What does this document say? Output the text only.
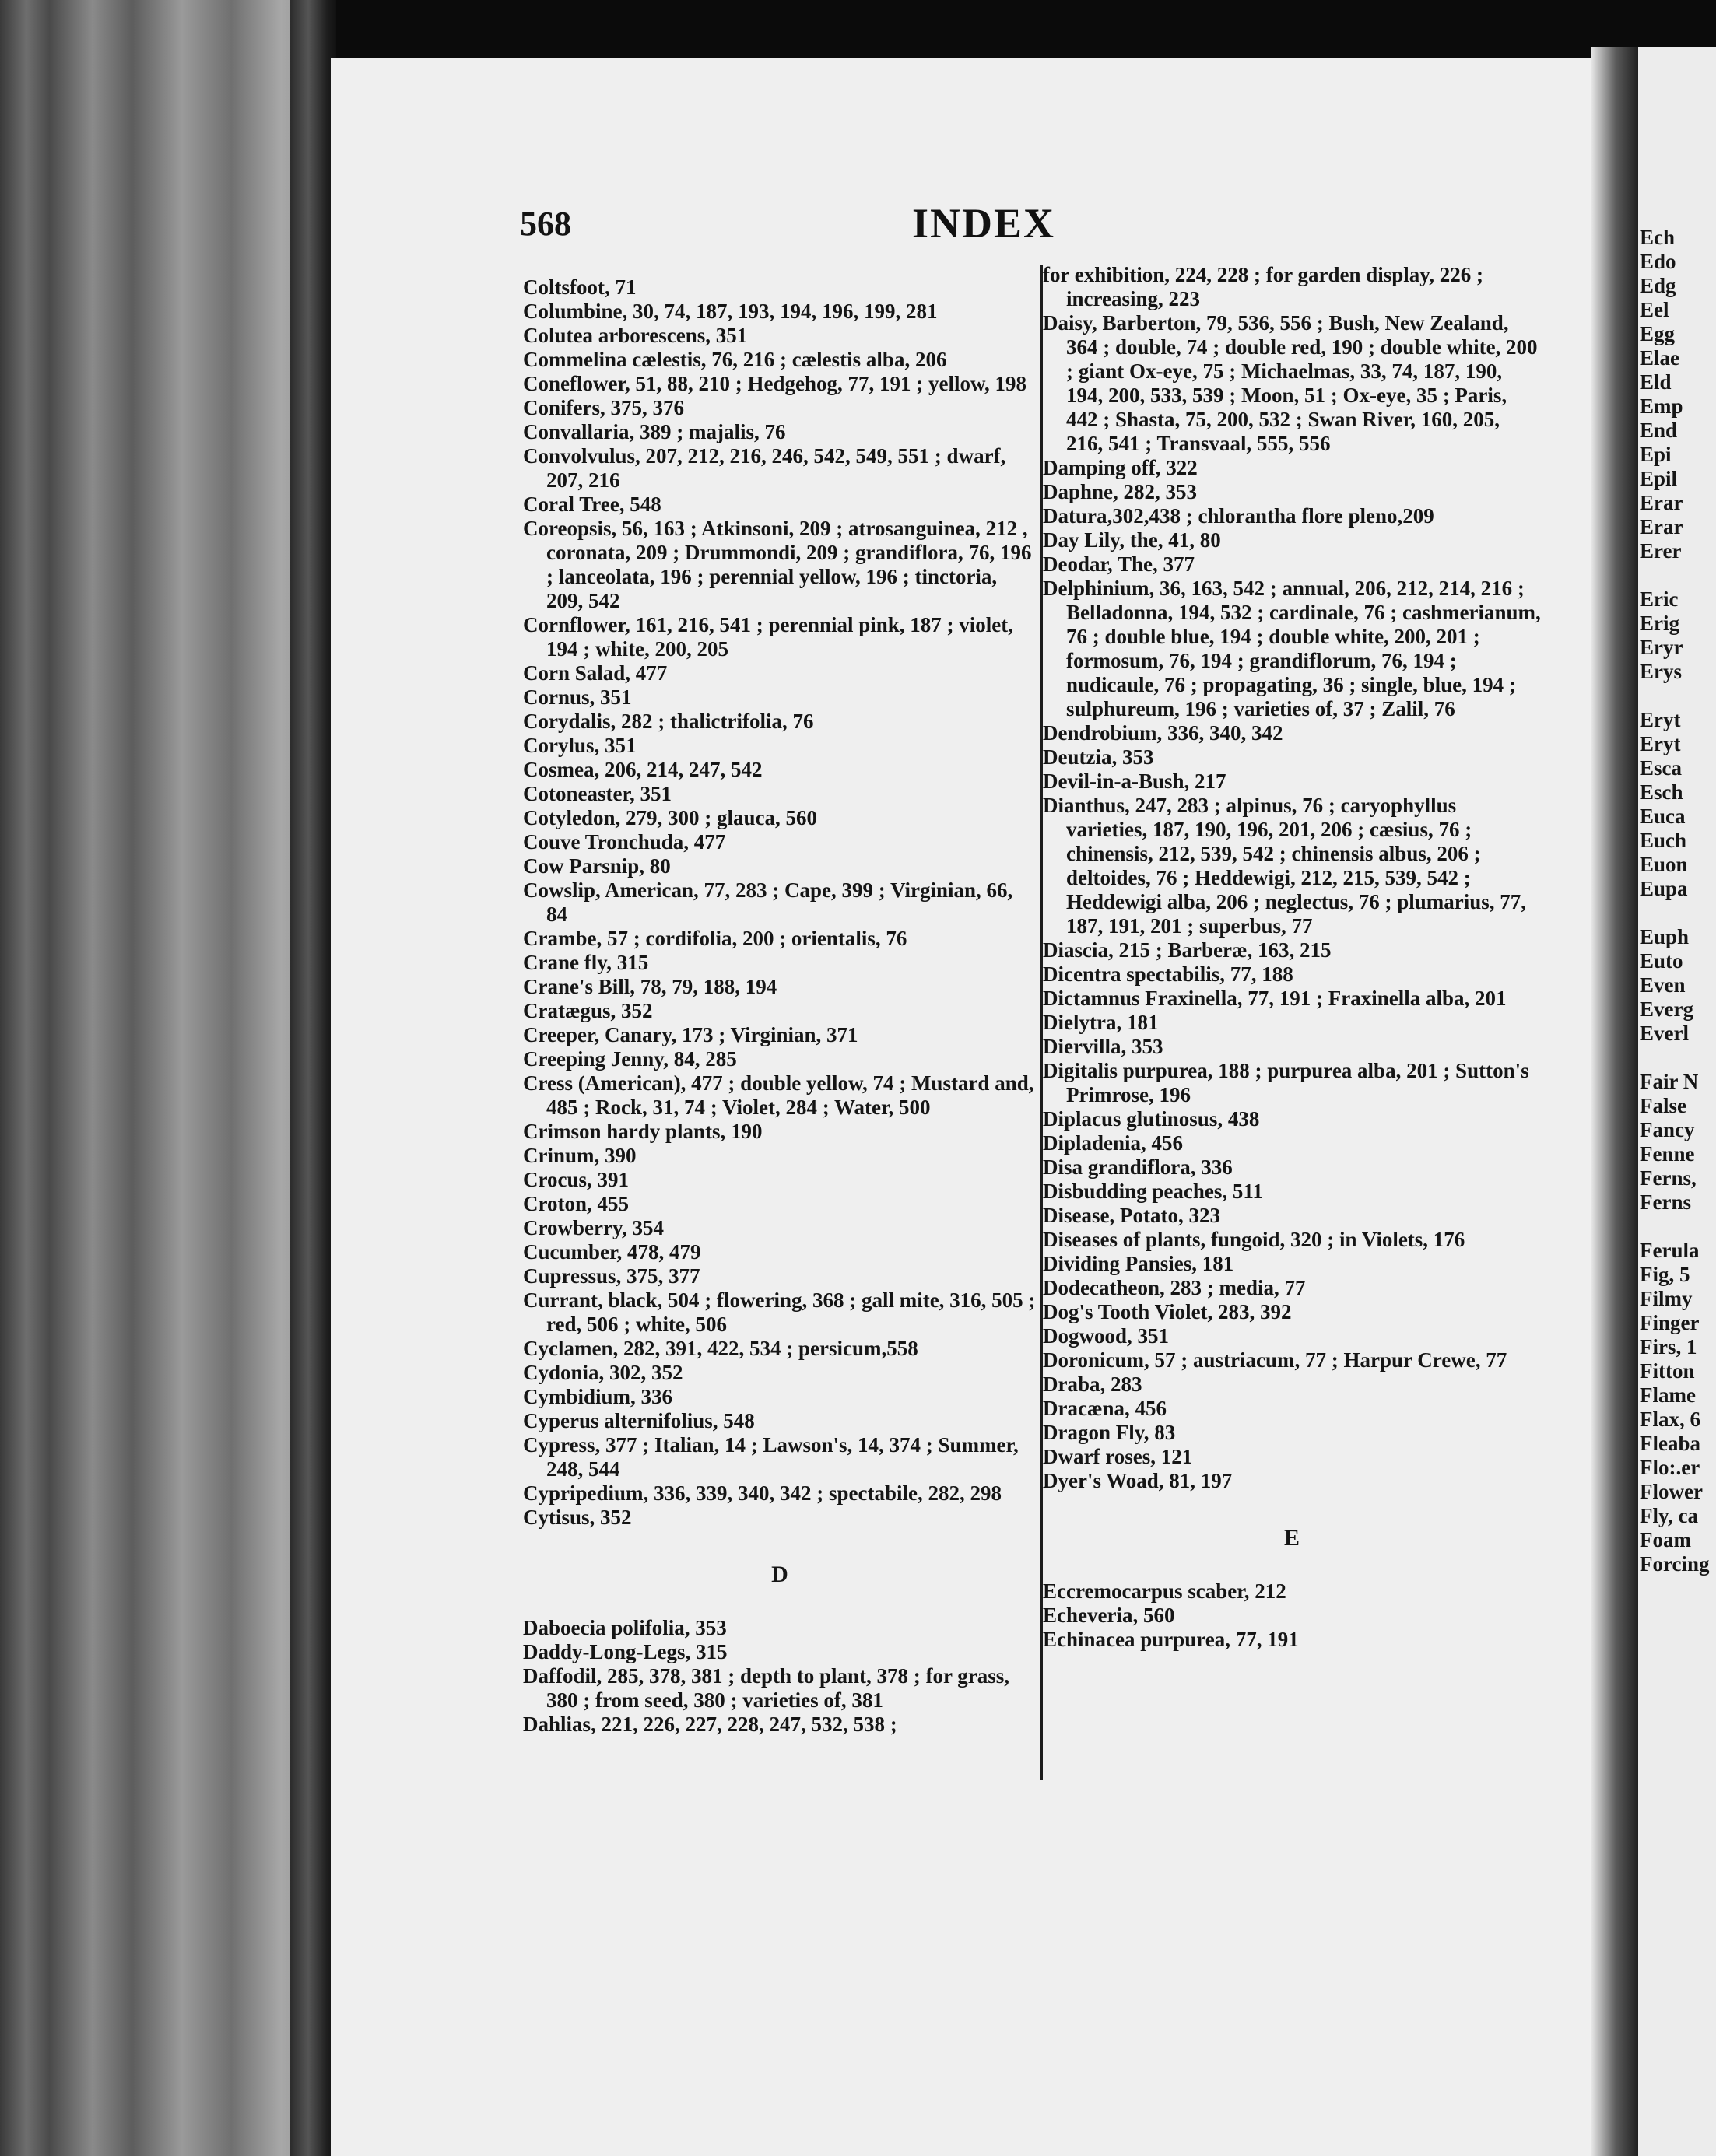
Ech
Edo
Edg
Eel
Egg
Elae
Eld
Emp
End
Epi
Epil
Erar
Erar
Erer
Eric
Erig
Eryr
Erys
Eryt
Eryt
Esca
Esch
Euca
Euch
Euon
Eupa
Euph
Euto
Even
Everg
Everl
Fair N
False
Fancy
Fenne
Ferns,
Ferns
Ferula
Fig, 5
Filmy
Finger
Firs, 1
Fitton
Flame
Flax, 6
Fleaba
Flo:.er
Flower
Fly, ca
Foam
Forcing
568	INDEX
Coltsfoot, 71
Columbine, 30, 74, 187, 193, 194, 196, 199, 281
Colutea arborescens, 351
Commelina cælestis, 76, 216 ; cælestis alba, 206
Coneflower, 51, 88, 210 ; Hedgehog, 77, 191 ; yellow, 198
Conifers, 375, 376
Convallaria, 389 ; majalis, 76
Convolvulus, 207, 212, 216, 246, 542, 549, 551 ; dwarf, 207, 216
Coral Tree, 548
Coreopsis, 56, 163 ; Atkinsoni, 209 ; atrosanguinea, 212 , coronata, 209 ; Drummondi, 209 ; grandiflora, 76, 196 ; lanceolata, 196 ; perennial yellow, 196 ; tinctoria, 209, 542
Cornflower, 161, 216, 541 ; perennial pink, 187 ; violet, 194 ; white, 200, 205
Corn Salad, 477
Cornus, 351
Corydalis, 282 ; thalictrifolia, 76
Corylus, 351
Cosmea, 206, 214, 247, 542
Cotoneaster, 351
Cotyledon, 279, 300 ; glauca, 560
Couve Tronchuda, 477
Cow Parsnip, 80
Cowslip, American, 77, 283 ; Cape, 399 ; Virginian, 66, 84
Crambe, 57 ; cordifolia, 200 ; orientalis, 76
Crane fly, 315
Crane's Bill, 78, 79, 188, 194
Cratægus, 352
Creeper, Canary, 173 ; Virginian, 371
Creeping Jenny, 84, 285
Cress (American), 477 ; double yellow, 74 ; Mustard and, 485 ; Rock, 31, 74 ; Violet, 284 ; Water, 500
Crimson hardy plants, 190
Crinum, 390
Crocus, 391
Croton, 455
Crowberry, 354
Cucumber, 478, 479
Cupressus, 375, 377
Currant, black, 504 ; flowering, 368 ; gall mite, 316, 505 ; red, 506 ; white, 506
Cyclamen, 282, 391, 422, 534 ; persicum,558
Cydonia, 302, 352
Cymbidium, 336
Cyperus alternifolius, 548
Cypress, 377 ; Italian, 14 ; Lawson's, 14, 374 ; Summer, 248, 544
Cypripedium, 336, 339, 340, 342 ; spectabile, 282, 298
Cytisus, 352
D
Daboecia polifolia, 353
Daddy-Long-Legs, 315
Daffodil, 285, 378, 381 ; depth to plant, 378 ; for grass, 380 ; from seed, 380 ; varieties of, 381
Dahlias, 221, 226, 227, 228, 247, 532, 538 ;
for exhibition, 224, 228 ; for garden display, 226 ; increasing, 223
Daisy, Barberton, 79, 536, 556 ; Bush, New Zealand, 364 ; double, 74 ; double red, 190 ; double white, 200 ; giant Ox-eye, 75 ; Michaelmas, 33, 74, 187, 190, 194, 200, 533, 539 ; Moon, 51 ; Ox-eye, 35 ; Paris, 442 ; Shasta, 75, 200, 532 ; Swan River, 160, 205, 216, 541 ; Transvaal, 555, 556
Damping off, 322
Daphne, 282, 353
Datura,302,438 ; chlorantha flore pleno,209
Day Lily, the, 41, 80
Deodar, The, 377
Delphinium, 36, 163, 542 ; annual, 206, 212, 214, 216 ; Belladonna, 194, 532 ; cardinale, 76 ; cashmerianum, 76 ; double blue, 194 ; double white, 200, 201 ; formosum, 76, 194 ; grandiflorum, 76, 194 ; nudicaule, 76 ; propagating, 36 ; single, blue, 194 ; sulphureum, 196 ; varieties of, 37 ; Zalil, 76
Dendrobium, 336, 340, 342
Deutzia, 353
Devil-in-a-Bush, 217
Dianthus, 247, 283 ; alpinus, 76 ; caryophyllus varieties, 187, 190, 196, 201, 206 ; cæsius, 76 ; chinensis, 212, 539, 542 ; chinensis albus, 206 ; deltoides, 76 ; Heddewigi, 212, 215, 539, 542 ; Heddewigi alba, 206 ; neglectus, 76 ; plumarius, 77, 187, 191, 201 ; superbus, 77
Diascia, 215 ; Barberæ, 163, 215
Dicentra spectabilis, 77, 188
Dictamnus Fraxinella, 77, 191 ; Fraxinella alba, 201
Dielytra, 181
Diervilla, 353
Digitalis purpurea, 188 ; purpurea alba, 201 ; Sutton's Primrose, 196
Diplacus glutinosus, 438
Dipladenia, 456
Disa grandiflora, 336
Disbudding peaches, 511
Disease, Potato, 323
Diseases of plants, fungoid, 320 ; in Violets, 176
Dividing Pansies, 181
Dodecatheon, 283 ; media, 77
Dog's Tooth Violet, 283, 392
Dogwood, 351
Doronicum, 57 ; austriacum, 77 ; Harpur Crewe, 77
Draba, 283
Dracæna, 456
Dragon Fly, 83
Dwarf roses, 121
Dyer's Woad, 81, 197
E
Eccremocarpus scaber, 212
Echeveria, 560
Echinacea purpurea, 77, 191
